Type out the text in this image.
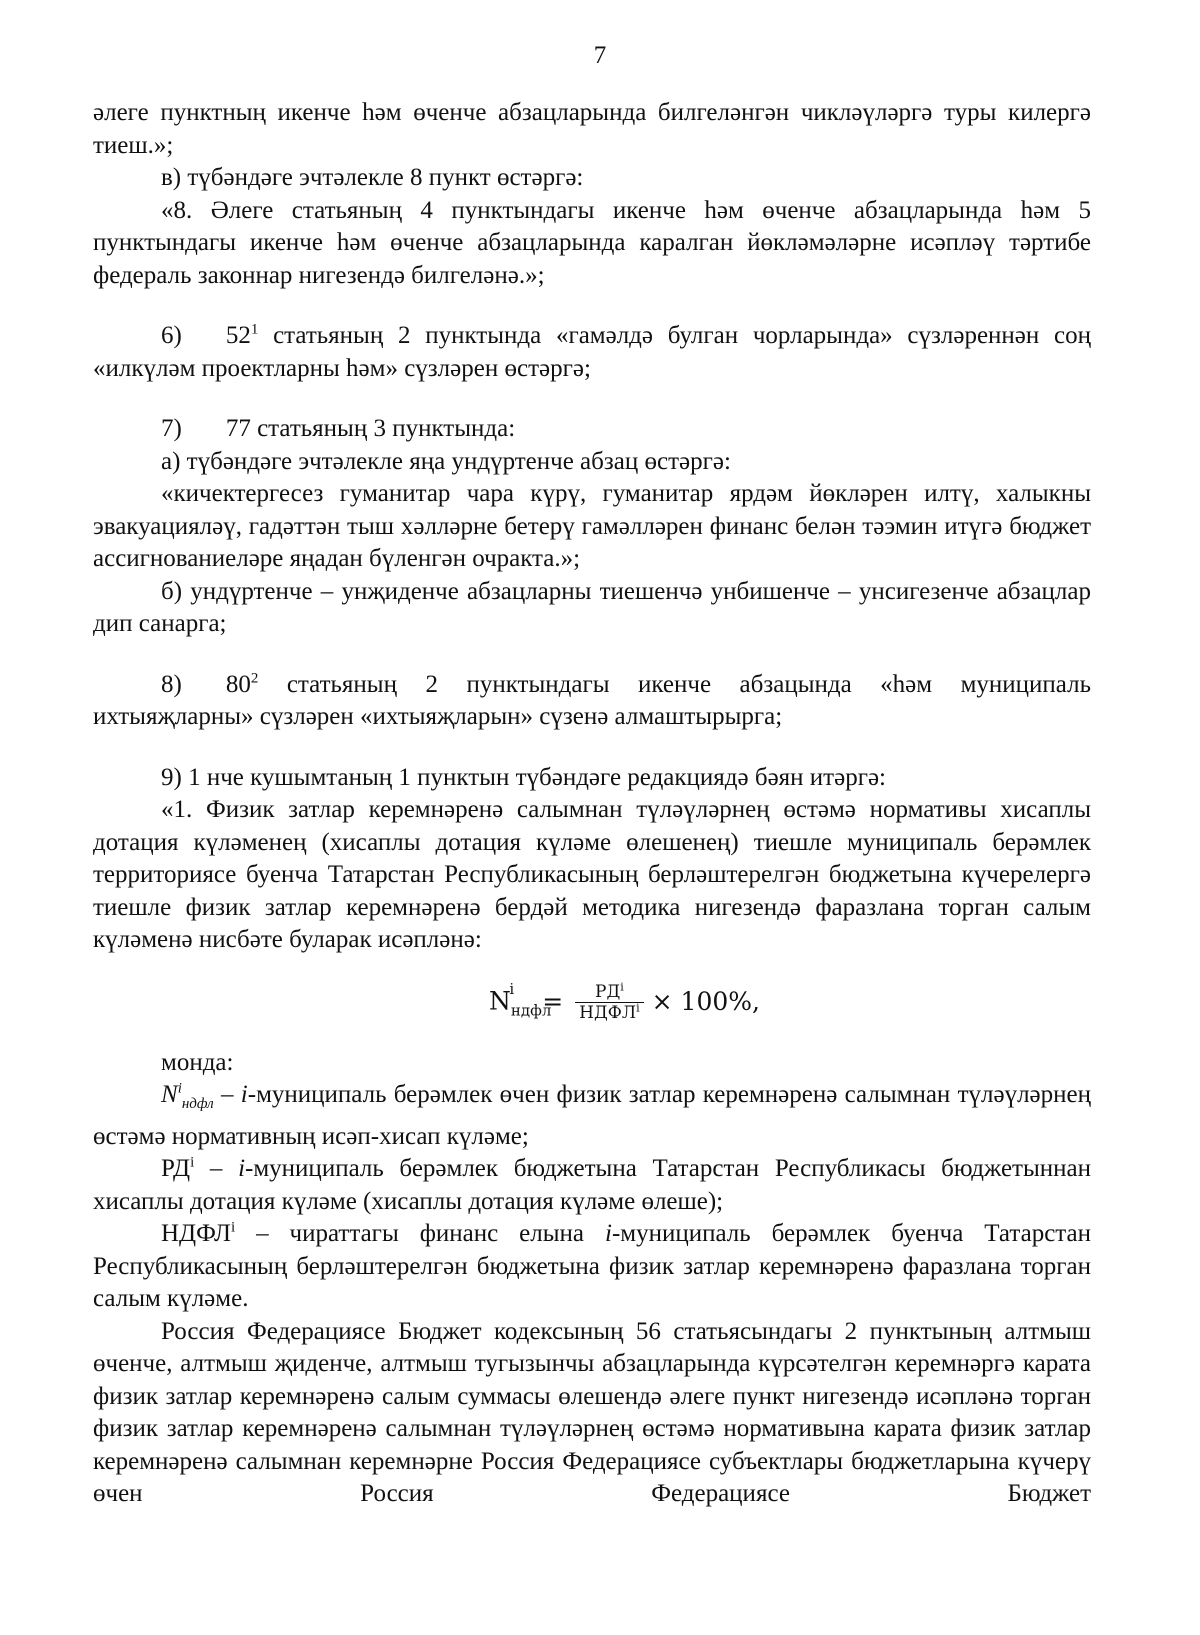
7

әлеге пунктның икенче һәм өченче абзацларында билгеләнгән чикләүләргә туры килергә тиеш.»;

в) түбәндәге эчтәлекле 8 пункт өстәргә:

«8. Әлеге статьяның 4 пунктындагы икенче һәм өченче абзацларында һәм 5 пунктындагы икенче һәм өченче абзацларында каралган йөкләмәләрне исәпләү тәртибе федераль законнар нигезендә билгеләнә.»;

6) $52^1$ статьяның 2 пунктында «гамәлдә булган чорларында» сүзләреннән соң «илкүләм проектларны һәм» сүзләрен өстәргә;

7) 77 статьяның 3 пунктында:

а) түбәндәге эчтәлекле яңа ундүртенче абзац өстәргә:

«кичектергесез гуманитар чара күрү, гуманитар ярдәм йөкләрен илтү, халыкны эвакуацияләү, гадәттән тыш хәлләрне бетерү гамәлләрен финанс белән тәэмин итүгә бюджет ассигнованиеләре яңадан бүленгән очракта.»;

б) ундүртенче – унҗиденче абзацларны тиешенчә унбишенче – унсигезенче абзацлар дип санарга;

8) $80^2$ статьяның 2 пунктындагы икенче абзацында «һәм муниципаль ихтыяҗларны» сүзләрен «ихтыяҗларын» сүзенә алмаштырырга;

9) 1 нче кушымтаның 1 пунктын түбәндәге редакциядә бәян итәргә:

«1. Физик затлар керемнәренә салымнан түләүләрнең өстәмә нормативы хисаплы дотация күләменең (хисаплы дотация күләме өлешенең) тиешле муниципаль берәмлек территориясе буенча Татарстан Республикасының берләштерелгән бюджетына күчерелергә тиешле физик затлар керемнәренә бердәй методика нигезендә фаразлана торган салым күләменә нисбәте буларак исәпләнә:

$N_{ндфл}^i$	= $\frac{РД^i}{НДФЛ^i} \times 100\%$,

монда:

$N^i_{ндфл}$ – i-муниципаль берәмлек өчен физик затлар керемнәренә салымнан түләүләрнең өстәмә нормативның исәп-хисап күләме;

$РД^i$ – i-муниципаль берәмлек бюджетына Татарстан Республикасы бюджетыннан хисаплы дотация күләме (хисаплы дотация күләме өлеше);

НДФЛ$^i$ – чираттагы финанс елына i-муниципаль берәмлек буенча Татарстан Республикасының берләштерелгән бюджетына физик затлар керемнәренә фаразлана торган салым күләме.

Россия Федерациясе Бюджет кодексының 56 статьясындагы 2 пунктының алтмыш өченче, алтмыш җиденче, алтмыш тугызынчы абзацларында күрсәтелгән керемнәргә карата физик затлар керемнәренә салым суммасы өлешендә әлеге пункт нигезендә исәпләнә торган физик затлар керемнәренә салымнан түләүләрнең өстәмә нормативына карата физик затлар керемнәренә салымнан керемнәрне Россия Федерациясе субъектлары бюджетларына күчерү өчен Россия Федерациясе Бюджет
